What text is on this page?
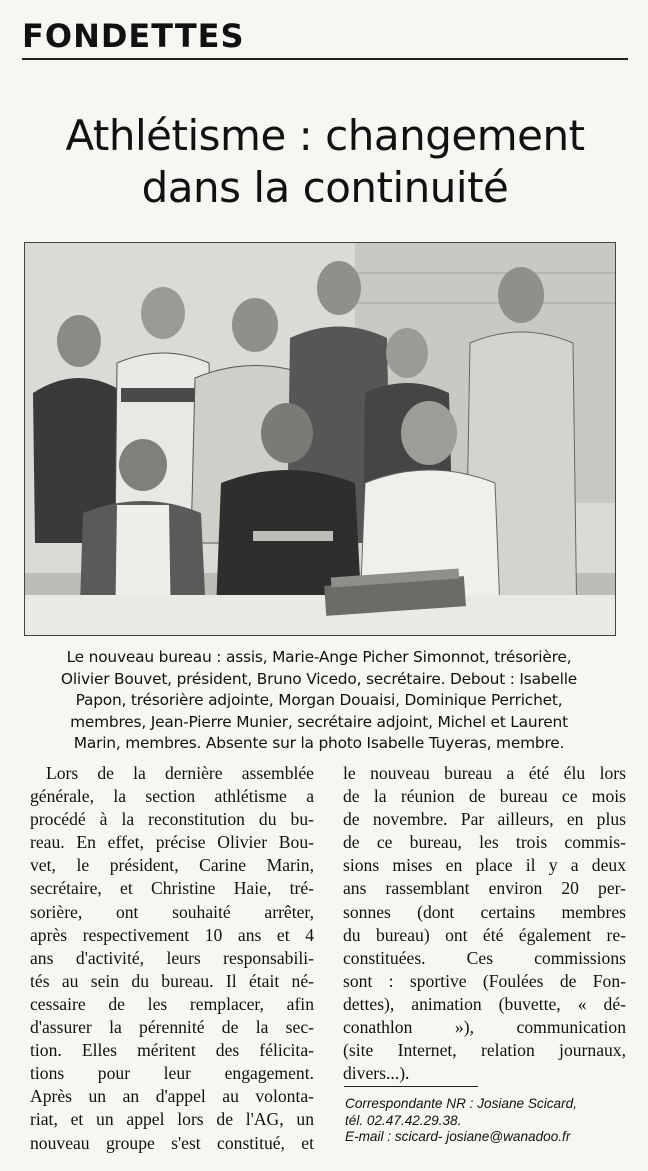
FONDETTES
Athlétisme : changement
dans la continuité
Le nouveau bureau : assis, Marie-Ange Picher Simonnot, trésorière,
Olivier Bouvet, président, Bruno Vicedo, secrétaire. Debout : Isabelle
Papon, trésorière adjointe, Morgan Douaisi, Dominique Perrichet,
membres, Jean-Pierre Munier, secrétaire adjoint, Michel et Laurent
Marin, membres. Absente sur la photo Isabelle Tuyeras, membre.
Lors de la dernière assemblée
générale, la section athlétisme a
procédé à la reconstitution du bu-
reau. En effet, précise Olivier Bou-
vet, le président, Carine Marin,
secrétaire, et Christine Haie, tré-
sorière, ont souhaité arrêter,
après respectivement 10 ans et 4
ans d'activité, leurs responsabili-
tés au sein du bureau. Il était né-
cessaire de les remplacer, afin
d'assurer la pérennité de la sec-
tion. Elles méritent des félicita-
tions pour leur engagement.
Après un an d'appel au volonta-
riat, et un appel lors de l'AG, un
nouveau groupe s'est constitué, et
le nouveau bureau a été élu lors
de la réunion de bureau ce mois
de novembre. Par ailleurs, en plus
de ce bureau, les trois commis-
sions mises en place il y a deux
ans rassemblant environ 20 per-
sonnes (dont certains membres
du bureau) ont été également re-
constituées. Ces commissions
sont : sportive (Foulées de Fon-
dettes), animation (buvette, « dé-
conathlon »), communication
(site Internet, relation journaux,
divers...).
Correspondante NR : Josiane Scicard,
tél. 02.47.42.29.38.
E-mail : scicard- josiane@wanadoo.fr
